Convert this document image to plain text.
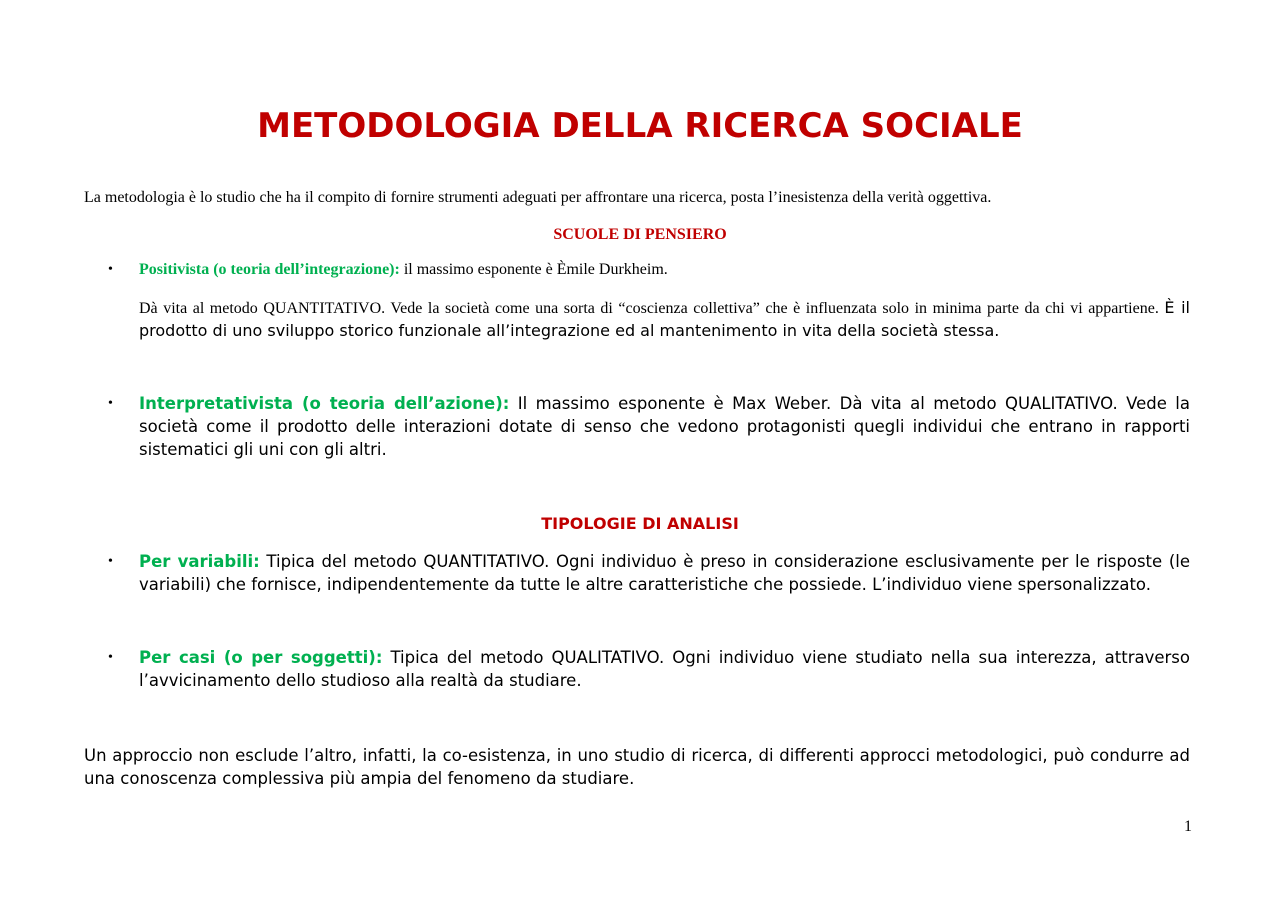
METODOLOGIA DELLA RICERCA SOCIALE

La metodologia è lo studio che ha il compito di fornire strumenti adeguati per affrontare una ricerca, posta l’inesistenza della verità oggettiva.

SCUOLE DI PENSIERO
• Positivista (o teoria dell’integrazione): il massimo esponente è Èmile Durkheim.

Dà vita al metodo QUANTITATIVO. Vede la società come una sorta di “coscienza collettiva” che è influenzata solo in minima parte da chi vi appartiene. È il prodotto di uno sviluppo storico funzionale all’integrazione ed al mantenimento in vita della società stessa.

• Interpretativista (o teoria dell’azione): Il massimo esponente è Max Weber. Dà vita al metodo QUALITATIVO. Vede la società come il prodotto delle interazioni dotate di senso che vedono protagonisti quegli individui che entrano in rapporti sistematici gli uni con gli altri.

TIPOLOGIE DI ANALISI
• Per variabili: Tipica del metodo QUANTITATIVO. Ogni individuo è preso in considerazione esclusivamente per le risposte (le variabili) che fornisce, indipendentemente da tutte le altre caratteristiche che possiede. L’individuo viene spersonalizzato.

• Per casi (o per soggetti): Tipica del metodo QUALITATIVO. Ogni individuo viene studiato nella sua interezza, attraverso l’avvicinamento dello studioso alla realtà da studiare.

Un approccio non esclude l’altro, infatti, la co-esistenza, in uno studio di ricerca, di differenti approcci metodologici, può condurre ad una conoscenza complessiva più ampia del fenomeno da studiare.

1
